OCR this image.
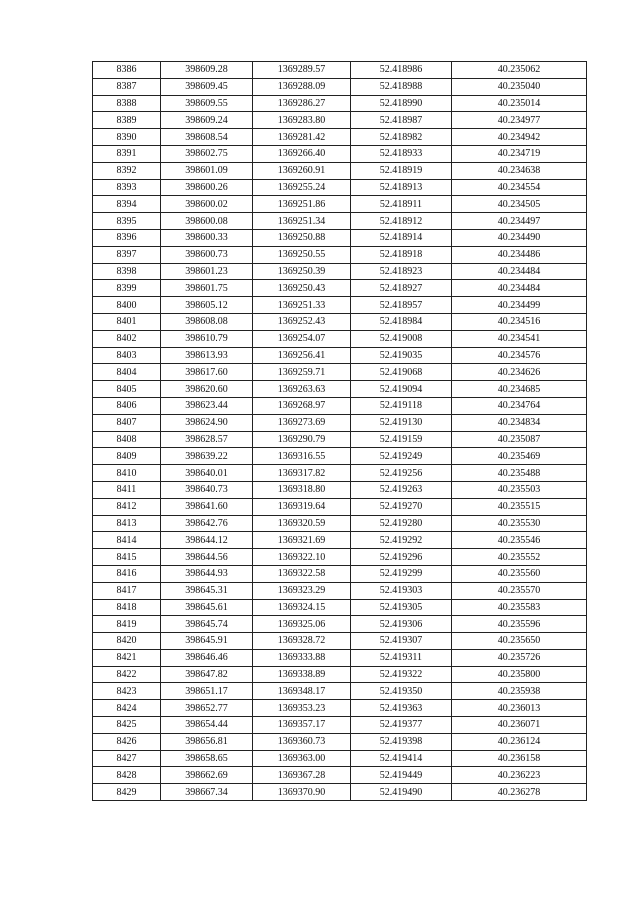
8386	398609.28	1369289.57	52.418986	40.235062
8387	398609.45	1369288.09	52.418988	40.235040
8388	398609.55	1369286.27	52.418990	40.235014
8389	398609.24	1369283.80	52.418987	40.234977
8390	398608.54	1369281.42	52.418982	40.234942
8391	398602.75	1369266.40	52.418933	40.234719
8392	398601.09	1369260.91	52.418919	40.234638
8393	398600.26	1369255.24	52.418913	40.234554
8394	398600.02	1369251.86	52.418911	40.234505
8395	398600.08	1369251.34	52.418912	40.234497
8396	398600.33	1369250.88	52.418914	40.234490
8397	398600.73	1369250.55	52.418918	40.234486
8398	398601.23	1369250.39	52.418923	40.234484
8399	398601.75	1369250.43	52.418927	40.234484
8400	398605.12	1369251.33	52.418957	40.234499
8401	398608.08	1369252.43	52.418984	40.234516
8402	398610.79	1369254.07	52.419008	40.234541
8403	398613.93	1369256.41	52.419035	40.234576
8404	398617.60	1369259.71	52.419068	40.234626
8405	398620.60	1369263.63	52.419094	40.234685
8406	398623.44	1369268.97	52.419118	40.234764
8407	398624.90	1369273.69	52.419130	40.234834
8408	398628.57	1369290.79	52.419159	40.235087
8409	398639.22	1369316.55	52.419249	40.235469
8410	398640.01	1369317.82	52.419256	40.235488
8411	398640.73	1369318.80	52.419263	40.235503
8412	398641.60	1369319.64	52.419270	40.235515
8413	398642.76	1369320.59	52.419280	40.235530
8414	398644.12	1369321.69	52.419292	40.235546
8415	398644.56	1369322.10	52.419296	40.235552
8416	398644.93	1369322.58	52.419299	40.235560
8417	398645.31	1369323.29	52.419303	40.235570
8418	398645.61	1369324.15	52.419305	40.235583
8419	398645.74	1369325.06	52.419306	40.235596
8420	398645.91	1369328.72	52.419307	40.235650
8421	398646.46	1369333.88	52.419311	40.235726
8422	398647.82	1369338.89	52.419322	40.235800
8423	398651.17	1369348.17	52.419350	40.235938
8424	398652.77	1369353.23	52.419363	40.236013
8425	398654.44	1369357.17	52.419377	40.236071
8426	398656.81	1369360.73	52.419398	40.236124
8427	398658.65	1369363.00	52.419414	40.236158
8428	398662.69	1369367.28	52.419449	40.236223
8429	398667.34	1369370.90	52.419490	40.236278
